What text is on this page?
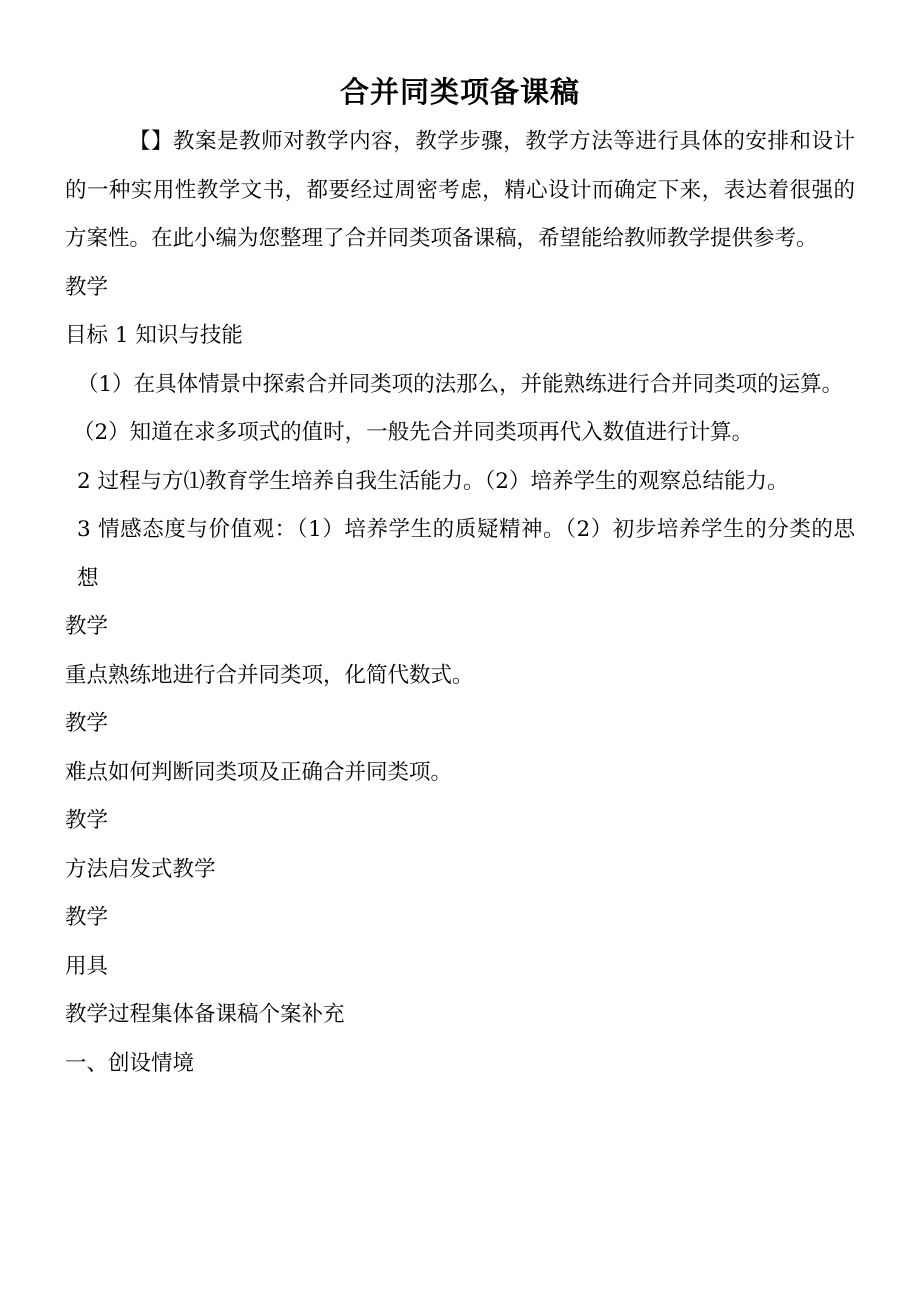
合并同类项备课稿

【】教案是教师对教学内容，教学步骤，教学方法等进行具体的安排和设计的一种实用性教学文书，都要经过周密考虑，精心设计而确定下来，表达着很强的方案性。在此小编为您整理了合并同类项备课稿，希望能给教师教学提供参考。

教学

目标 1 知识与技能

（1）在具体情景中探索合并同类项的法那么，并能熟练进行合并同类项的运算。

（2）知道在求多项式的值时，一般先合并同类项再代入数值进行计算。

2 过程与方⑴教育学生培养自我生活能力。（2）培养学生的观察总结能力。

3 情感态度与价值观：（1）培养学生的质疑精神。（2）初步培养学生的分类的思想

教学

重点熟练地进行合并同类项，化简代数式。

教学

难点如何判断同类项及正确合并同类项。

教学

方法启发式教学

教学

用具

教学过程集体备课稿个案补充

一、创设情境
